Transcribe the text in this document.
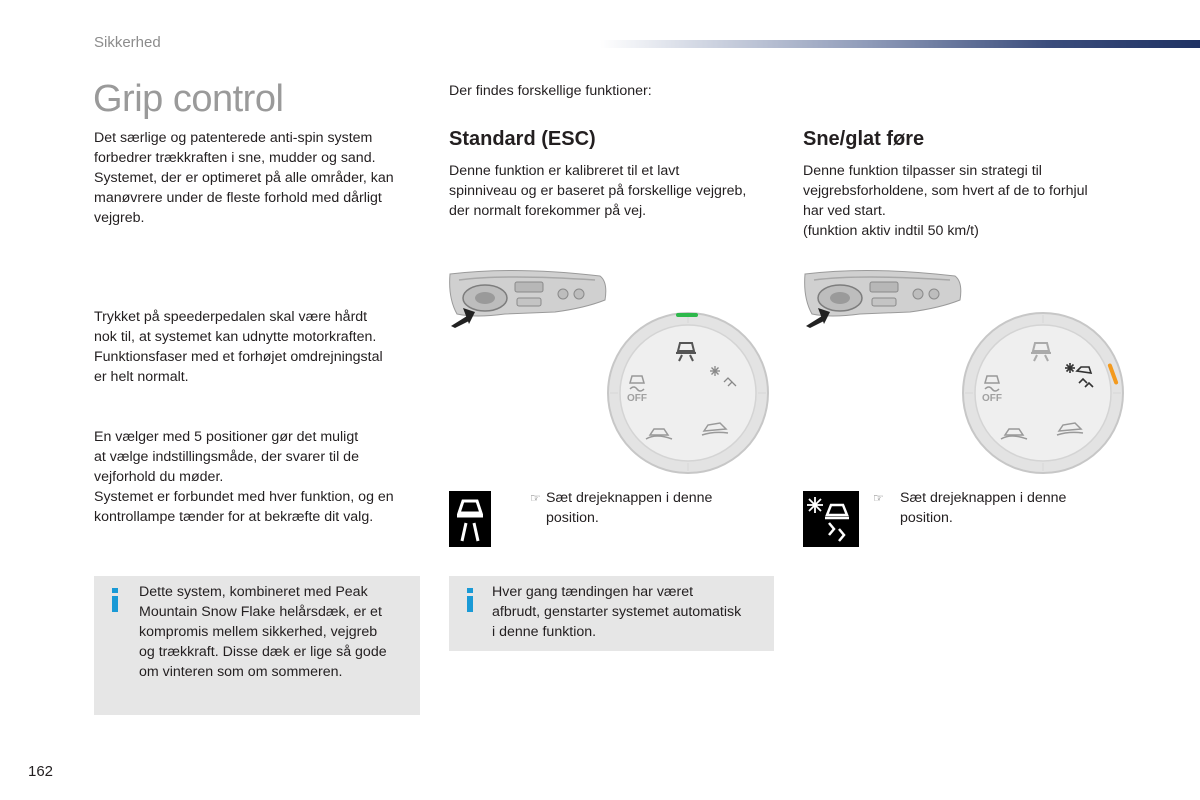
Sikkerhed
Grip control

Det særlige og patenterede anti-spin system

forbedrer trækkraften i sne, mudder og sand.

Systemet, der er optimeret på alle områder, kan

manøvrere under de fleste forhold med dårligt

vejgreb.

Trykket på speederpedalen skal være hårdt

nok til, at systemet kan udnytte motorkraften.

Funktionsfaser med et forhøjet omdrejningstal

er helt normalt.

En vælger med 5 positioner gør det muligt

at vælge indstillingsmåde, der svarer til de

vejforhold du møder.

Systemet er forbundet med hver funktion, og en

kontrollampe tænder for at bekræfte dit valg.

Dette system, kombineret med Peak
Mountain Snow Flake helårsdæk, er et
kompromis mellem sikkerhed, vejgreb
og trækkraft. Disse dæk er lige så gode
om vinteren som om sommeren.
Der findes forskellige funktioner:
Standard (ESC)

Denne funktion er kalibreret til et lavt

spinniveau og er baseret på forskellige vejgreb,

der normalt forekommer på vej.

OFF
☞ Sæt drejeknappen i denne

position.

Hver gang tændingen har været
afbrudt, genstarter systemet automatisk
i denne funktion.
Sne/glat føre

Denne funktion tilpasser sin strategi til

vejgrebsforholdene, som hvert af de to forhjul

har ved start.

(funktion aktiv indtil 50 km/t)

OFF
☞ Sæt drejeknappen i denne

position.

162
